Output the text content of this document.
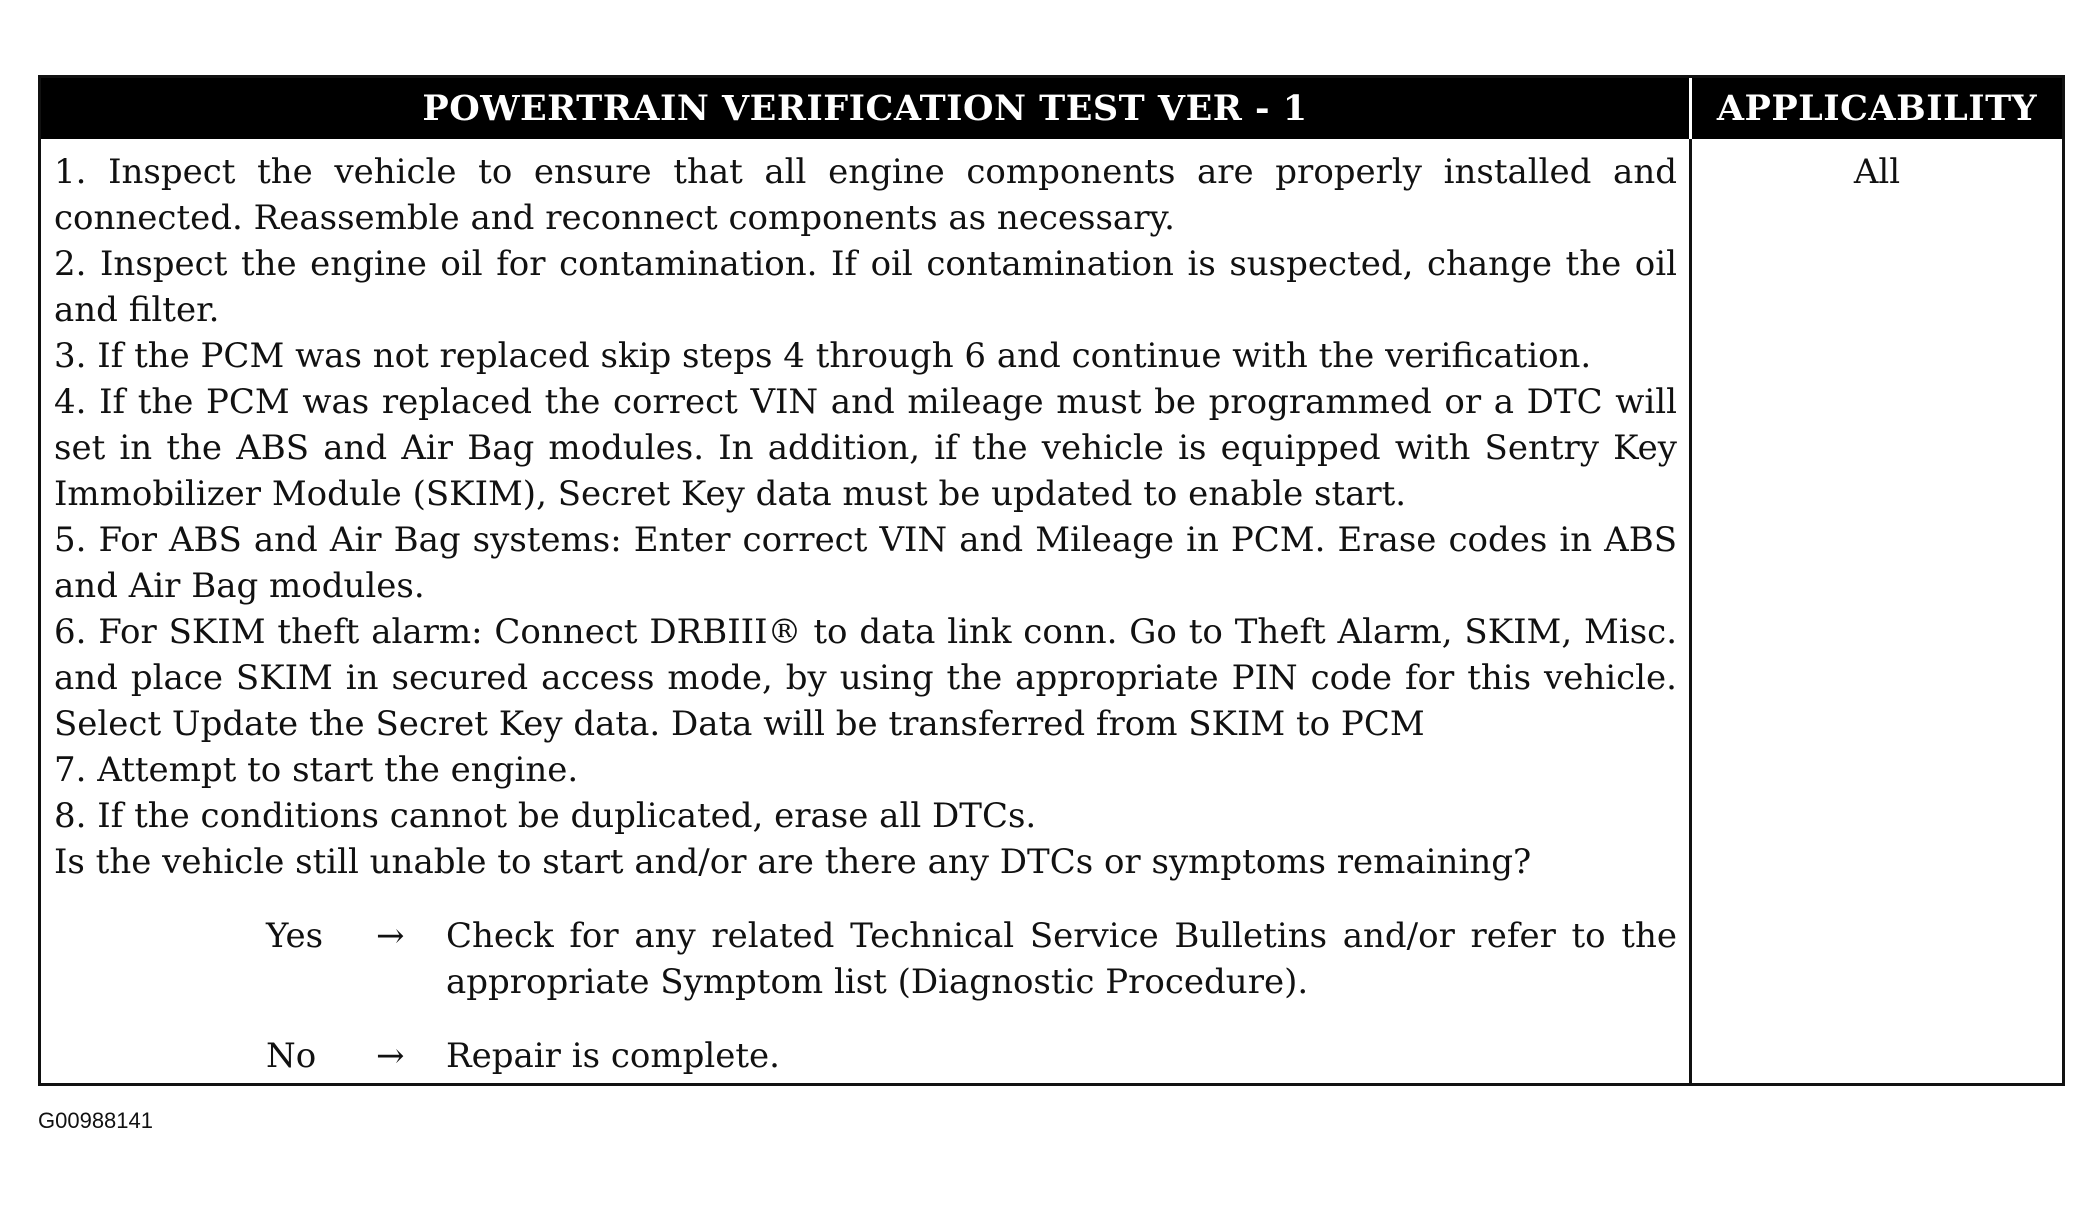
POWERTRAIN VERIFICATION TEST VER - 1	APPLICABILITY

1. Inspect the vehicle to ensure that all engine components are properly installed and connected. Reassemble and reconnect components as necessary.

2. Inspect the engine oil for contamination. If oil contamination is suspected, change the oil and filter.

3. If the PCM was not replaced skip steps 4 through 6 and continue with the verification.

4. If the PCM was replaced the correct VIN and mileage must be programmed or a DTC will set in the ABS and Air Bag modules. In addition, if the vehicle is equipped with Sentry Key Immobilizer Module (SKIM), Secret Key data must be updated to enable start.

5. For ABS and Air Bag systems: Enter correct VIN and Mileage in PCM. Erase codes in ABS and Air Bag modules.

6. For SKIM theft alarm: Connect DRBIII® to data link conn. Go to Theft Alarm, SKIM, Misc. and place SKIM in secured access mode, by using the appropriate PIN code for this vehicle. Select Update the Secret Key data. Data will be transferred from SKIM to PCM

7. Attempt to start the engine.

8. If the conditions cannot be duplicated, erase all DTCs.

Is the vehicle still unable to start and/or are there any DTCs or symptoms remaining?

Yes	→	Check for any related Technical Service Bulletins and/or refer to the appropriate Symptom list (Diagnostic Procedure).
No	→	Repair is complete.
All
G00988141
